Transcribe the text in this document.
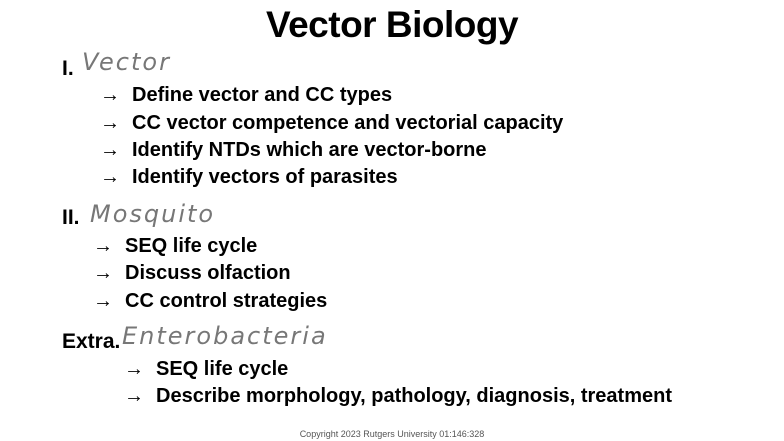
Vector Biology
I. Vector
→ Define vector and CC types
→ CC vector competence and vectorial capacity
→ Identify NTDs which are vector-borne
→ Identify vectors of parasites
II. Mosquito
→ SEQ life cycle
→ Discuss olfaction
→ CC control strategies
Extra. Enterobacteria
→ SEQ life cycle
→ Describe morphology, pathology, diagnosis, treatment
Copyright 2023 Rutgers University 01:146:328
